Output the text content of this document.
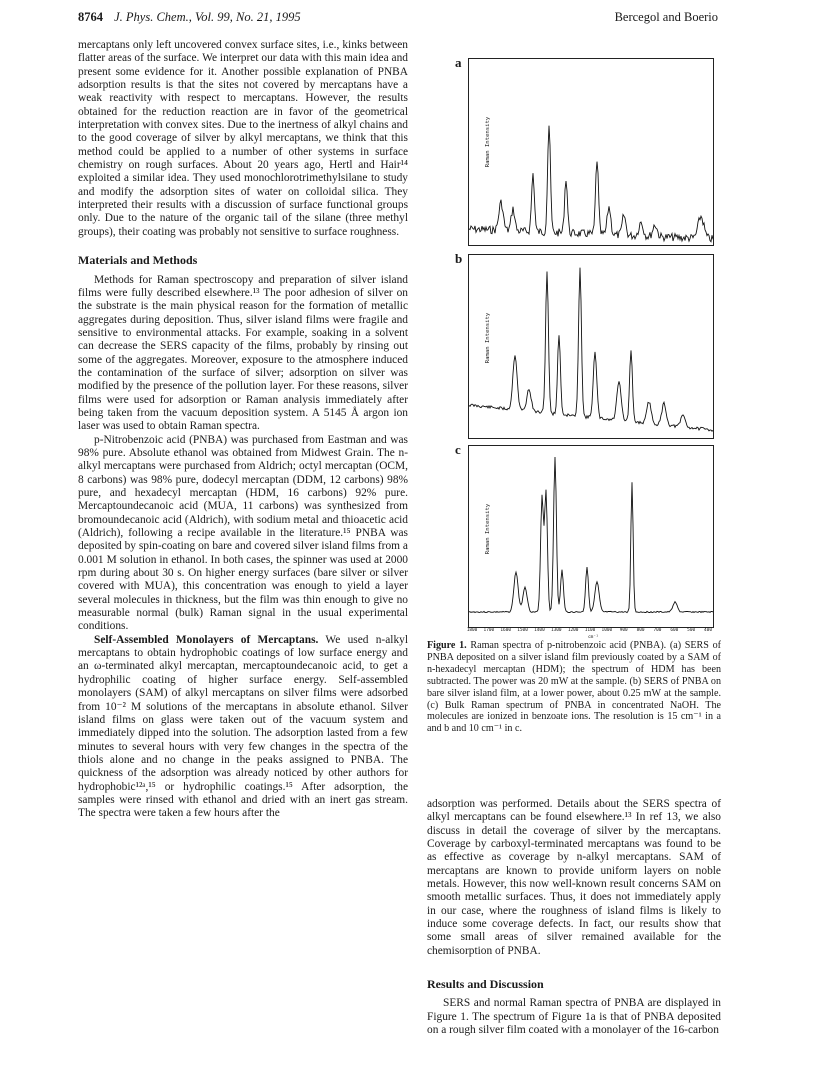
8764 J. Phys. Chem., Vol. 99, No. 21, 1995	Bercegol and Boerio

mercaptans only left uncovered convex surface sites, i.e., kinks between flatter areas of the surface. We interpret our data with this main idea and present some evidence for it. Another possible explanation of PNBA adsorption results is that the sites not covered by mercaptans have a weak reactivity with respect to mercaptans. However, the results obtained for the reduction reaction are in favor of the geometrical interpretation with convex sites. Due to the inertness of alkyl chains and to the good coverage of silver by alkyl mercaptans, we think that this method could be applied to a number of other systems in surface chemistry on rough surfaces. About 20 years ago, Hertl and Hair¹⁴ exploited a similar idea. They used monochlorotrimethylsilane to study and modify the adsorption sites of water on colloidal silica. They interpreted their results with a discussion of surface functional groups only. Due to the nature of the organic tail of the silane (three methyl groups), their coating was probably not sensitive to surface roughness.

Materials and Methods

Methods for Raman spectroscopy and preparation of silver island films were fully described elsewhere.¹³ The poor adhesion of silver on the substrate is the main physical reason for the formation of metallic aggregates during deposition. Thus, silver island films were fragile and sensitive to environmental attacks. For example, soaking in a solvent can decrease the SERS capacity of the films, probably by rinsing out some of the aggregates. Moreover, exposure to the atmosphere induced the contamination of the surface of silver; adsorption on silver was modified by the presence of the pollution layer. For these reasons, silver films were used for adsorption or Raman analysis immediately after being taken from the vacuum deposition system. A 5145 Å argon ion laser was used to obtain Raman spectra.

p-Nitrobenzoic acid (PNBA) was purchased from Eastman and was 98% pure. Absolute ethanol was obtained from Midwest Grain. The n-alkyl mercaptans were purchased from Aldrich; octyl mercaptan (OCM, 8 carbons) was 98% pure, dodecyl mercaptan (DDM, 12 carbons) 98% pure, and hexadecyl mercaptan (HDM, 16 carbons) 92% pure. Mercaptoundecanoic acid (MUA, 11 carbons) was synthesized from bromoundecanoic acid (Aldrich), with sodium metal and thioacetic acid (Aldrich), following a recipe available in the literature.¹⁵ PNBA was deposited by spin-coating on bare and covered silver island films from a 0.001 M solution in ethanol. In both cases, the spinner was used at 2000 rpm during about 30 s. On higher energy surfaces (bare silver or silver covered with MUA), this concentration was enough to yield a layer several molecules in thickness, but the film was thin enough to give no measurable normal (bulk) Raman signal in the usual experimental conditions.

Self-Assembled Monolayers of Mercaptans. We used n-alkyl mercaptans to obtain hydrophobic coatings of low surface energy and an ω-terminated alkyl mercaptan, mercaptoundecanoic acid, to get a hydrophilic coating of higher surface energy. Self-assembled monolayers (SAM) of alkyl mercaptans on silver films were adsorbed from 10⁻² M solutions of the mercaptans in absolute ethanol. Silver island films on glass were taken out of the vacuum system and immediately dipped into the solution. The adsorption lasted from a few minutes to several hours with very few changes in the spectra of the thiols alone and no change in the peaks assigned to PNBA. The quickness of the adsorption was already noticed by other authors for hydrophobic¹²ᵃ,¹⁵ or hydrophilic coatings.¹⁵ After adsorption, the samples were rinsed with ethanol and dried with an inert gas stream. The spectra were taken a few hours after the

a
Raman Intensity
b
Raman Intensity
c
Raman Intensity
1800 1700 1600 1500 1400 1300 1200 1100 1000 900 800 700 600 500 400
cm⁻¹
Figure 1. Raman spectra of p-nitrobenzoic acid (PNBA). (a) SERS of PNBA deposited on a silver island film previously coated by a SAM of n-hexadecyl mercaptan (HDM); the spectrum of HDM has been subtracted. The power was 20 mW at the sample. (b) SERS of PNBA on bare silver island film, at a lower power, about 0.25 mW at the sample. (c) Bulk Raman spectrum of PNBA in concentrated NaOH. The molecules are ionized in benzoate ions. The resolution is 15 cm⁻¹ in a and b and 10 cm⁻¹ in c.

adsorption was performed. Details about the SERS spectra of alkyl mercaptans can be found elsewhere.¹³ In ref 13, we also discuss in detail the coverage of silver by the mercaptans. Coverage by carboxyl-terminated mercaptans was found to be as effective as coverage by n-alkyl mercaptans. SAM of mercaptans are known to provide uniform layers on noble metals. However, this now well-known result concerns SAM on smooth metallic surfaces. Thus, it does not immediately apply in our case, where the roughness of island films is likely to induce some coverage defects. In fact, our results show that some small areas of silver remained available for the chemisorption of PNBA.

Results and Discussion

SERS and normal Raman spectra of PNBA are displayed in Figure 1. The spectrum of Figure 1a is that of PNBA deposited on a rough silver film coated with a monolayer of the 16-carbon
